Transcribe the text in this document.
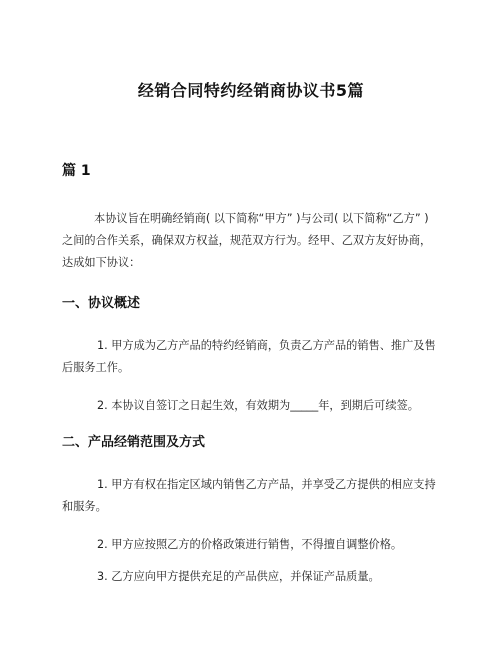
经销合同特约经销商协议书5篇
篇 1

本协议旨在明确经销商( 以下简称“甲方” )与公司( 以下简称“乙方” ) 之间的合作关系，确保双方权益，规范双方行为。经甲、乙双方友好协商，达成如下协议：

一、协议概述

1. 甲方成为乙方产品的特约经销商，负责乙方产品的销售、推广及售后服务工作。

2. 本协议自签订之日起生效，有效期为_____年，到期后可续签。

二、产品经销范围及方式

1. 甲方有权在指定区域内销售乙方产品，并享受乙方提供的相应支持和服务。

2. 甲方应按照乙方的价格政策进行销售，不得擅自调整价格。

3. 乙方应向甲方提供充足的产品供应，并保证产品质量。
